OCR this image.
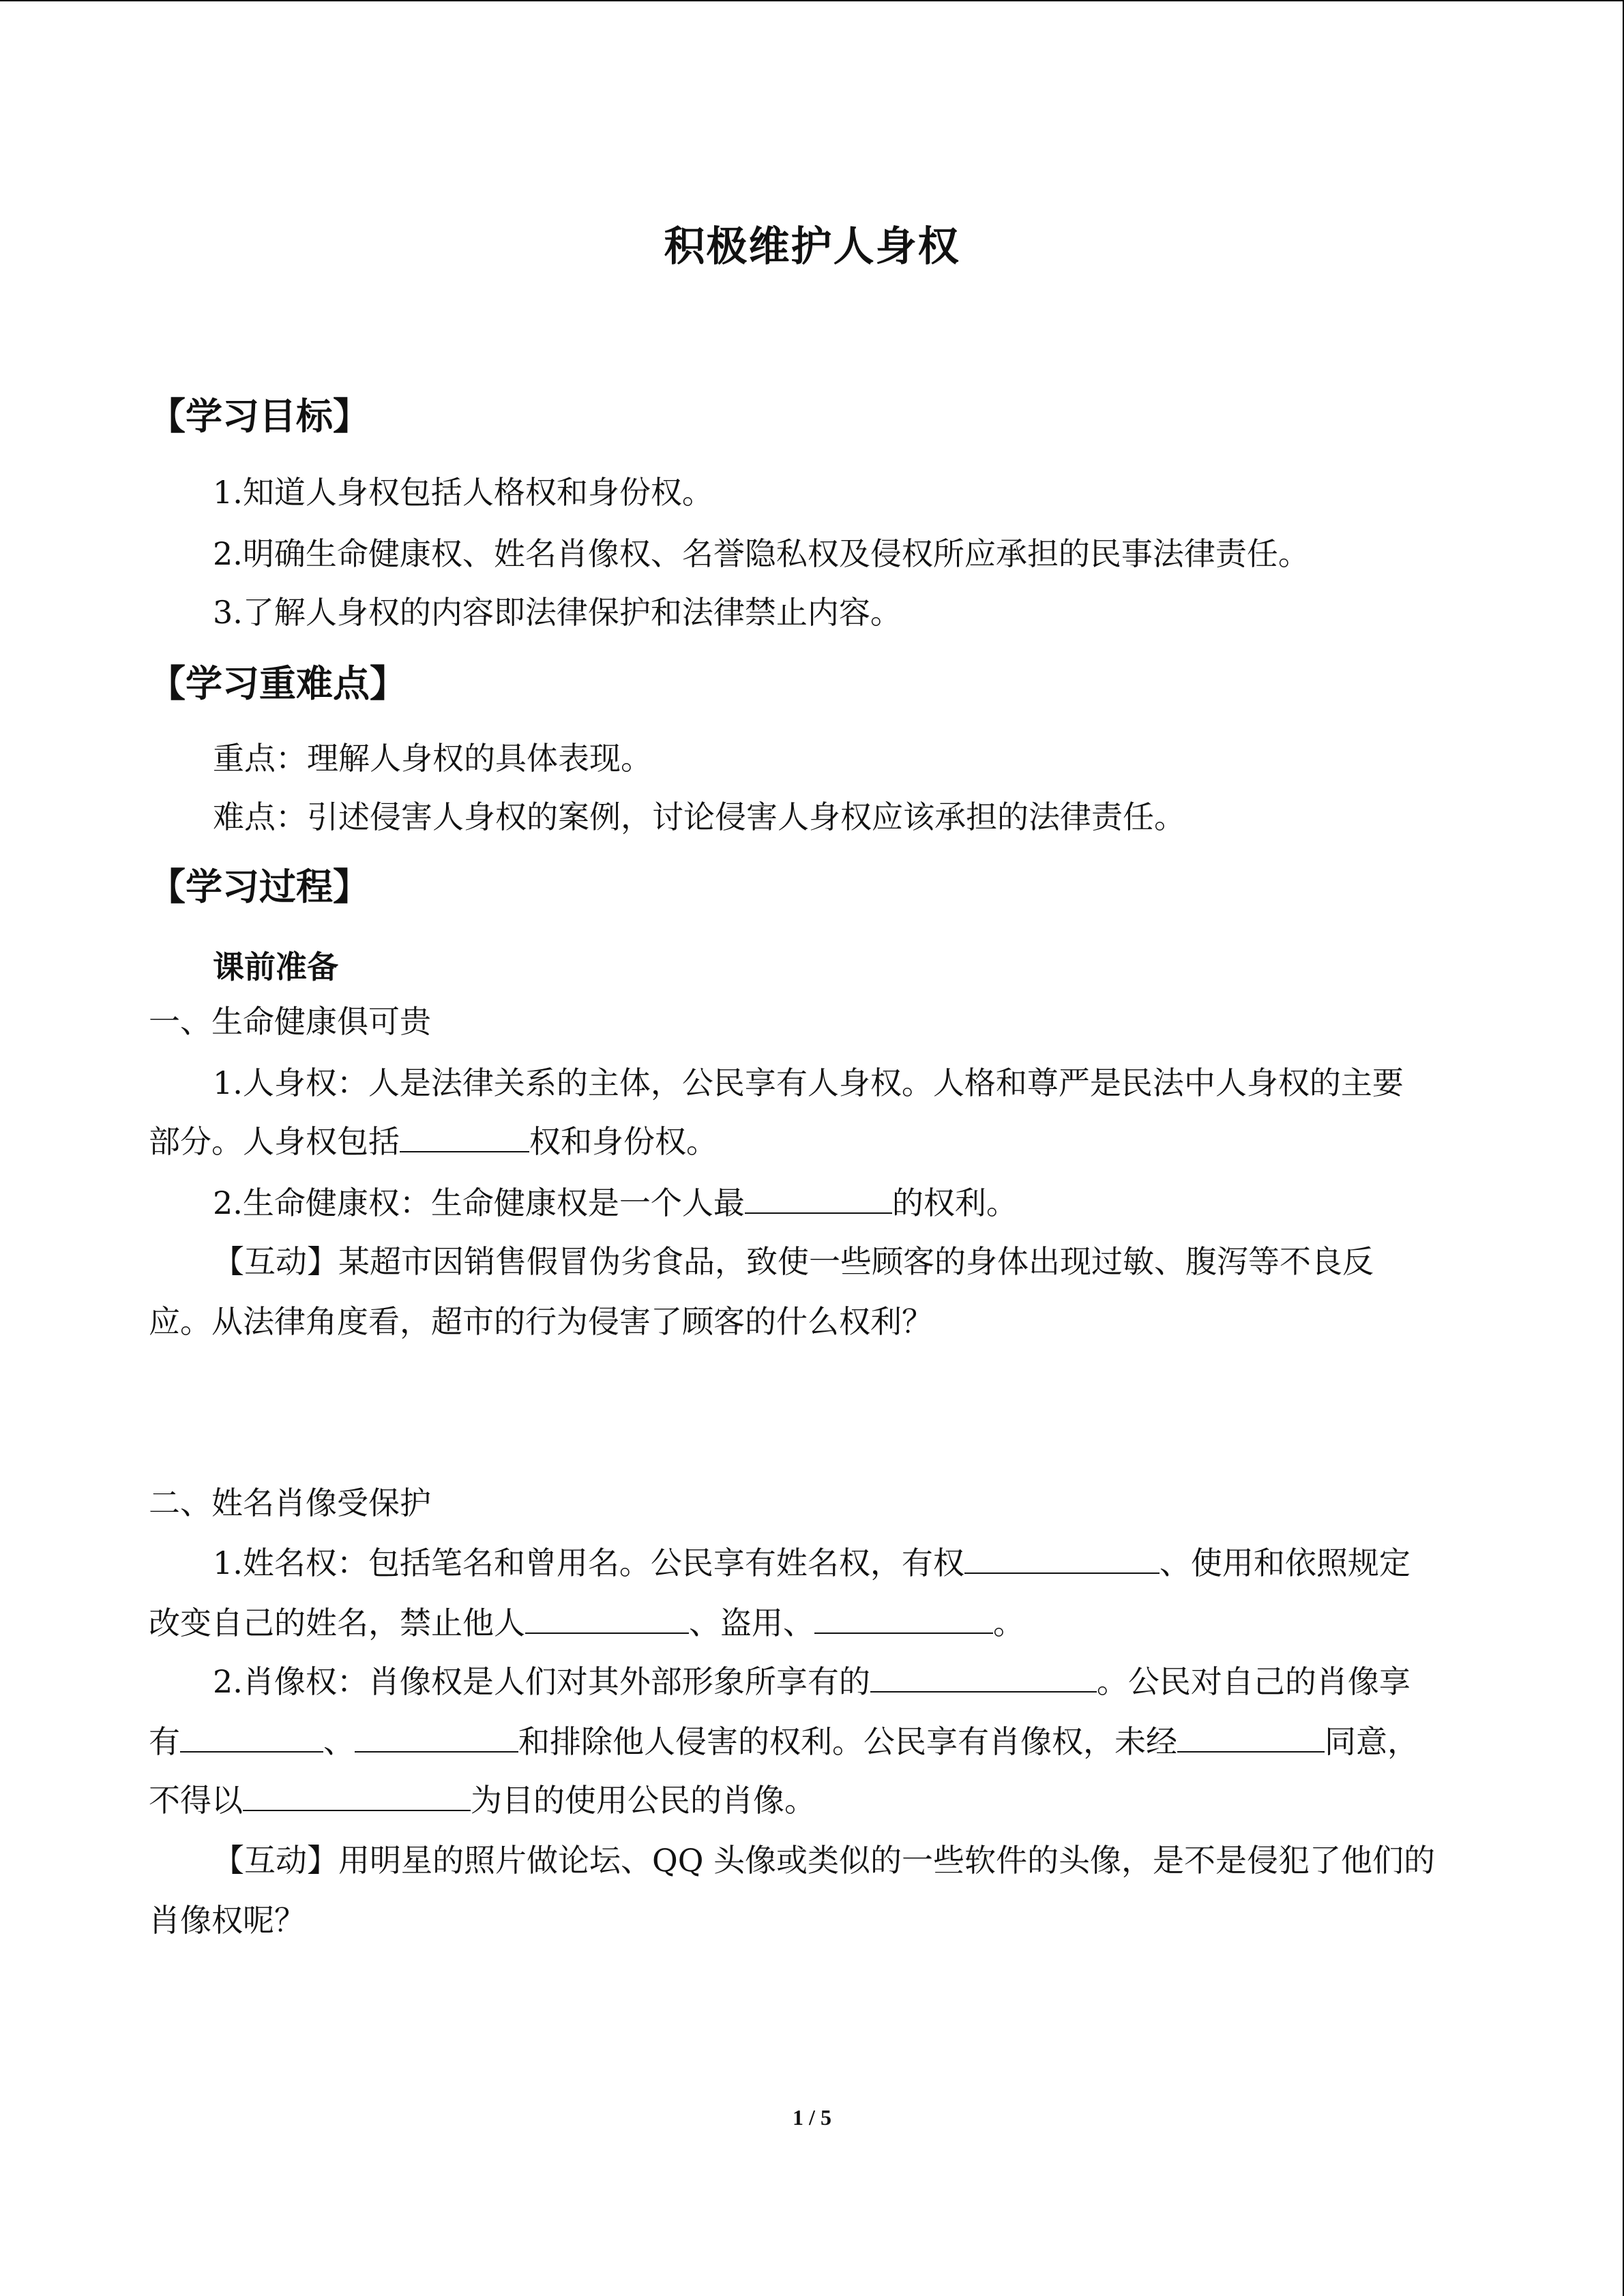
积极维护人身权
【学习目标】
1.知道人身权包括人格权和身份权。
2.明确生命健康权、姓名肖像权、名誉隐私权及侵权所应承担的民事法律责任。
3.了解人身权的内容即法律保护和法律禁止内容。
【学习重难点】
重点：理解人身权的具体表现。
难点：引述侵害人身权的案例，讨论侵害人身权应该承担的法律责任。
【学习过程】
课前准备
一、生命健康俱可贵
1.人身权：人是法律关系的主体，公民享有人身权。人格和尊严是民法中人身权的主要
部分。人身权包括	权和身份权。
2.生命健康权：生命健康权是一个人最	的权利。
【互动】某超市因销售假冒伪劣食品，致使一些顾客的身体出现过敏、腹泻等不良反
应。从法律角度看，超市的行为侵害了顾客的什么权利？
二、姓名肖像受保护
1.姓名权：包括笔名和曾用名。公民享有姓名权，有权	、使用和依照规定
改变自己的姓名，禁止他人	、盗用、	。
2.肖像权：肖像权是人们对其外部形象所享有的	。公民对自己的肖像享
有	、	和排除他人侵害的权利。公民享有肖像权，未经	同意，
不得以	为目的使用公民的肖像。
【互动】用明星的照片做论坛、QQ 头像或类似的一些软件的头像，是不是侵犯了他们的
肖像权呢？
1 / 5
